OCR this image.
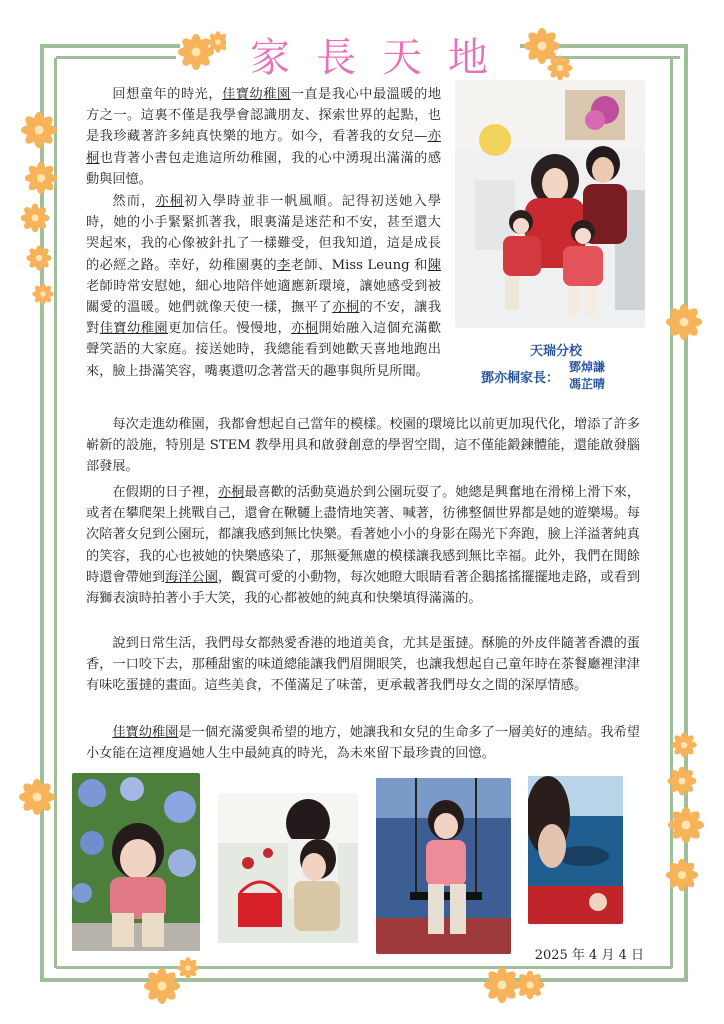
家 長 天 地
回想童年的時光，佳寶幼稚園一直是我心中最溫暖的地方之一。這裏不僅是我學會認識朋友、探索世界的起點，也是我珍藏著許多純真快樂的地方。如今，看著我的女兒—亦桐也背著小書包走進這所幼稚園，我的心中湧現出滿滿的感動與回憶。
然而，亦桐初入學時並非一帆風順。記得初送她入學時，她的小手緊緊抓著我，眼裏滿是迷茫和不安，甚至還大哭起來，我的心像被針扎了一樣難受，但我知道，這是成長的必經之路。幸好，幼稚園裏的李老師、Miss Leung 和陳老師時常安慰她，細心地陪伴她適應新環境，讓她感受到被關愛的溫暖。她們就像天使一樣，撫平了亦桐的不安，讓我對佳寶幼稚園更加信任。慢慢地，亦桐開始融入這個充滿歡聲笑語的大家庭。接送她時，我總能看到她歡天喜地地跑出來，臉上掛滿笑容，嘴裏還叨念著當天的趣事與所見所聞。
天瑞分校
鄧亦桐家長：
鄧焯謙
馮芷晴
每次走進幼稚園，我都會想起自己當年的模樣。校園的環境比以前更加現代化，增添了許多嶄新的設施，特別是 STEM 教學用具和啟發創意的學習空間，這不僅能鍛鍊體能，還能啟發腦部發展。
在假期的日子裡，亦桐最喜歡的活動莫過於到公園玩耍了。她總是興奮地在滑梯上滑下來，或者在攀爬架上挑戰自己，還會在鞦韆上盡情地笑著、喊著，彷彿整個世界都是她的遊樂場。每次陪著女兒到公園玩，都讓我感到無比快樂。看著她小小的身影在陽光下奔跑，臉上洋溢著純真的笑容，我的心也被她的快樂感染了，那無憂無慮的模樣讓我感到無比幸福。此外，我們在閒餘時還會帶她到海洋公園，觀賞可愛的小動物，每次她瞪大眼睛看著企鵝搖搖擺擺地走路，或看到海獅表演時拍著小手大笑，我的心都被她的純真和快樂填得滿滿的。
說到日常生活，我們母女都熱愛香港的地道美食，尤其是蛋撻。酥脆的外皮伴隨著香濃的蛋香，一口咬下去，那種甜蜜的味道總能讓我們眉開眼笑，也讓我想起自己童年時在茶餐廳裡津津有味吃蛋撻的畫面。這些美食，不僅滿足了味蕾，更承載著我們母女之間的深厚情感。
佳寶幼稚園是一個充滿愛與希望的地方，她讓我和女兒的生命多了一層美好的連結。我希望小女能在這裡度過她人生中最純真的時光，為未來留下最珍貴的回憶。
2025 年 4 月 4 日
